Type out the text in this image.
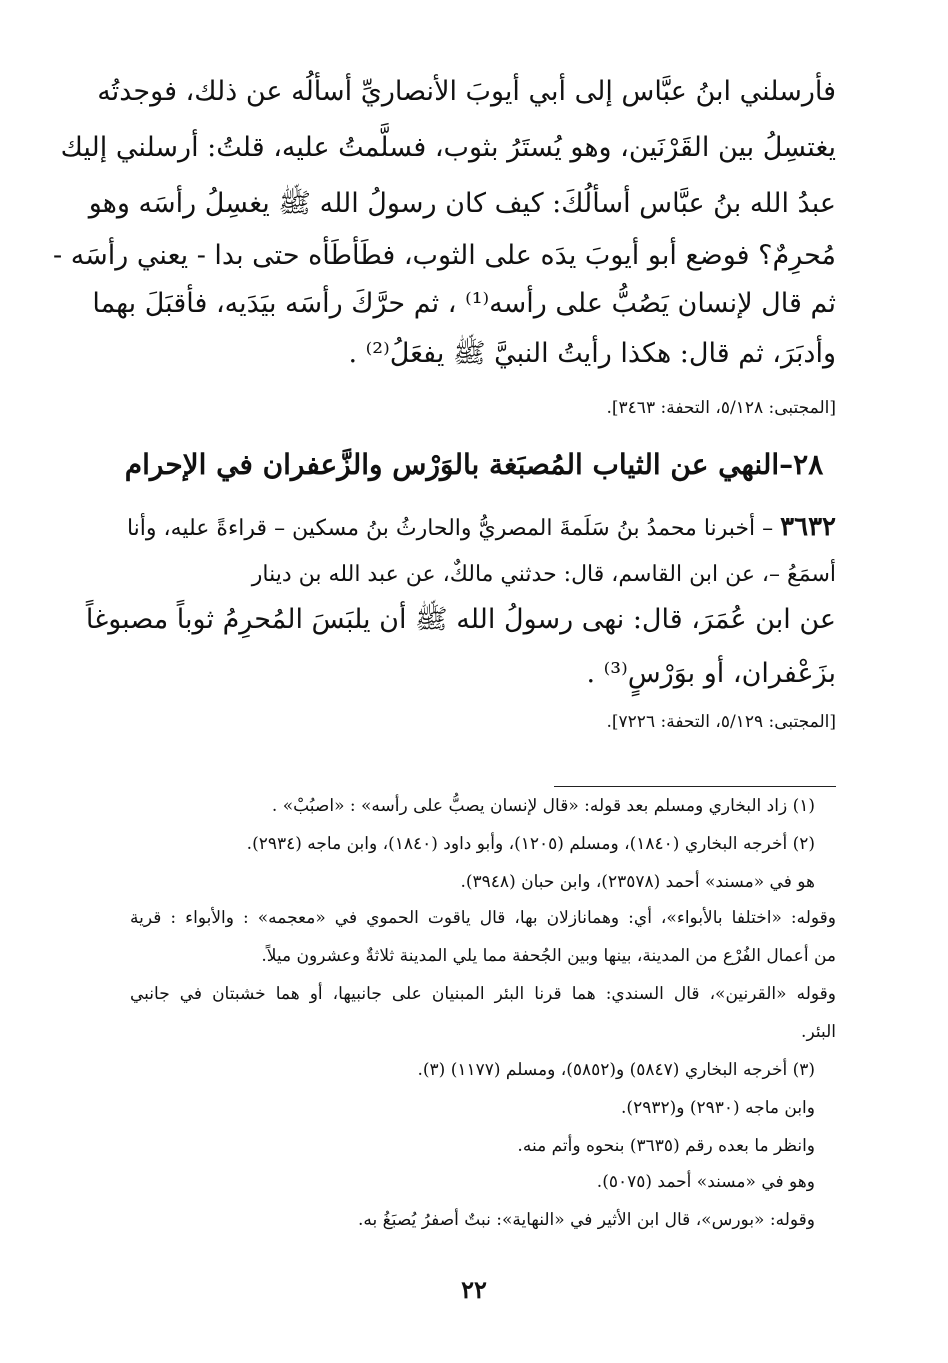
فأرسلني ابنُ عبَّاس إلى أبي أيوبَ الأنصاريِّ أسألُه عن ذلك، فوجدتُه
يغتسِلُ بين القَرْنَين، وهو يُستَرُ بثوب، فسلَّمتُ عليه، قلتُ: أرسلني إليك
عبدُ الله بنُ عبَّاس أسألُكَ: كيف كان رسولُ الله ﷺ يغسِلُ رأسَه وهو
مُحرِمٌ؟ فوضع أبو أيوبَ يدَه على الثوب، فطَأطَأه حتى بدا - يعني رأسَه -
ثم قال لإنسان يَصُبُّ على رأسه⁽¹⁾ ، ثم حرَّكَ رأسَه بيَدَيه، فأقبَلَ بهما
وأدبَرَ، ثم قال: هكذا رأيتُ النبيَّ ﷺ يفعَلُ⁽²⁾ .
[المجتبى: ٥/١٢٨، التحفة: ٣٤٦٣].
٢٨–النهي عن الثياب المُصبَغة بالوَرْس والزَّعفران في الإحرام
٣٦٣٢ – أخبرنا محمدُ بنُ سَلَمةَ المصريُّ والحارثُ بنُ مسكين – قراءةً عليه، وأنا
أسمَعُ –، عن ابن القاسم، قال: حدثني مالكٌ، عن عبد الله بن دينار
عن ابن عُمَرَ، قال: نهى رسولُ الله ﷺ أن يلبَسَ المُحرِمُ ثوباً مصبوغاً
بزَعْفران، أو بوَرْسٍ⁽³⁾ .
[المجتبى: ٥/١٢٩، التحفة: ٧٢٢٦].
(١) زاد البخاري ومسلم بعد قوله: «قال لإنسان يصبُّ على رأسه» : «اصبُبْ» .
(٢) أخرجه البخاري (١٨٤٠)، ومسلم (١٢٠٥)، وأبو داود (١٨٤٠)، وابن ماجه (٢٩٣٤).
هو في «مسند» أحمد (٢٣٥٧٨)، وابن حبان (٣٩٤٨).
وقوله: «اختلفا بالأبواء»، أي: وهمانازلان بها، قال ياقوت الحموي في «معجمه» : والأبواء : قرية
من أعمال الفُرْع من المدينة، بينها وبين الجُحفة مما يلي المدينة ثلاثةٌ وعشرون ميلاً.
وقوله «القرنين»، قال السندي: هما قرنا البئر المبنيان على جانبيها، أو هما خشبتان في جانبي
البئر.
(٣) أخرجه البخاري (٥٨٤٧) و(٥٨٥٢)، ومسلم (١١٧٧) (٣).
وابن ماجه (٢٩٣٠) و(٢٩٣٢).
وانظر ما بعده رقم (٣٦٣٥) بنحوه وأتم منه.
وهو في «مسند» أحمد (٥٠٧٥).
وقوله: «بورس»، قال ابن الأثير في «النهاية»: نبتٌ أصفرُ يُصبَغُ به.
٢٢
